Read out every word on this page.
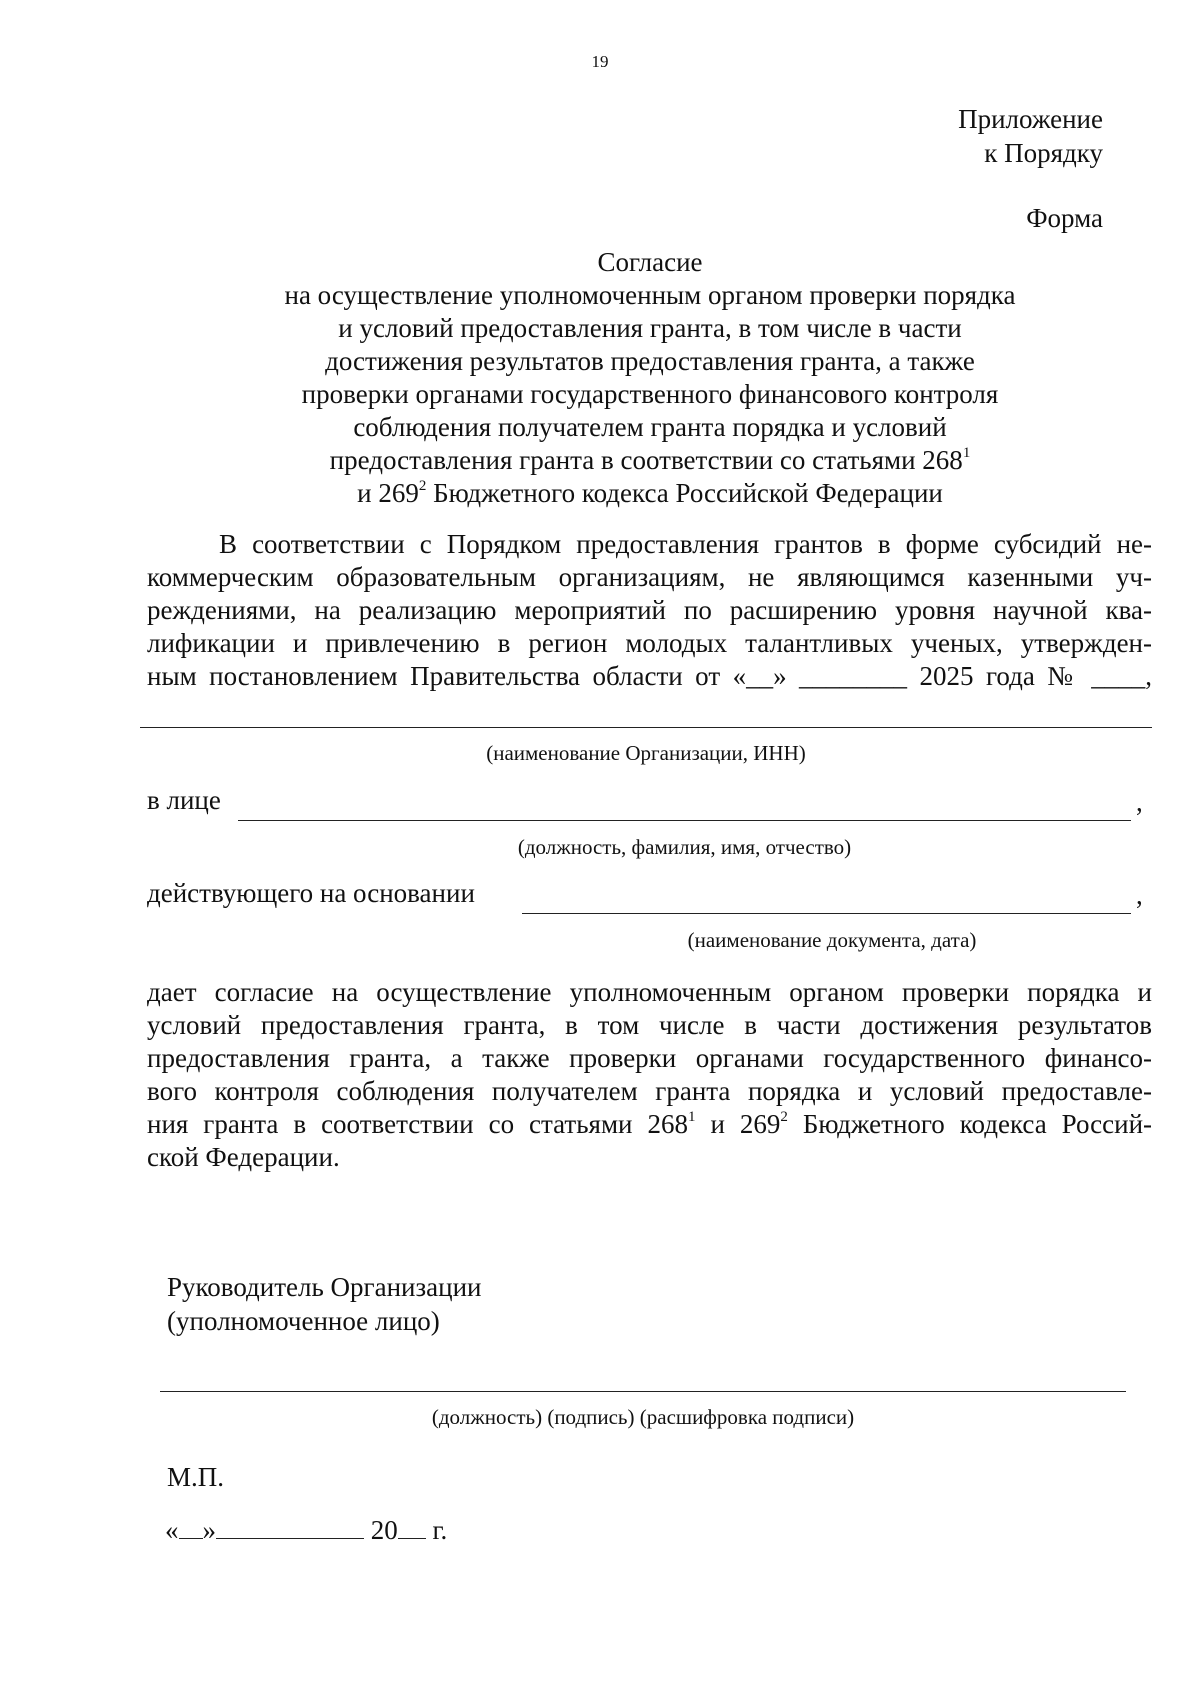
19
Приложение
к Порядку
Форма
Согласие
на осуществление уполномоченным органом проверки порядка
и условий предоставления гранта, в том числе в части
достижения результатов предоставления гранта, а также
проверки органами государственного финансового контроля
соблюдения получателем гранта порядка и условий
предоставления гранта в соответствии со статьями $268^1$
и $269^2$ Бюджетного кодекса Российской Федерации
В соответствии с Порядком предоставления грантов в форме субсидий не-
коммерческим образовательным организациям, не являющимся казенными уч-
реждениями, на реализацию мероприятий по расширению уровня научной ква-
лификации и привлечению в регион молодых талантливых ученых, утвержден-
ным постановлением Правительства области от «__» ________ 2025 года № ____,
(наименование Организации, ИНН)
в лице	,
(должность, фамилия, имя, отчество)
действующего на основании	,
(наименование документа, дата)
дает согласие на осуществление уполномоченным органом проверки порядка и
условий предоставления гранта, в том числе в части достижения результатов
предоставления гранта, а также проверки органами государственного финансо-
вого контроля соблюдения получателем гранта порядка и условий предоставле-
ния гранта в соответствии со статьями $268^1$ и $269^2$ Бюджетного кодекса Россий-
ской Федерации.
Руководитель Организации
(уполномоченное лицо)
(должность) (подпись) (расшифровка подписи)
М.П.
« »	20 г.
